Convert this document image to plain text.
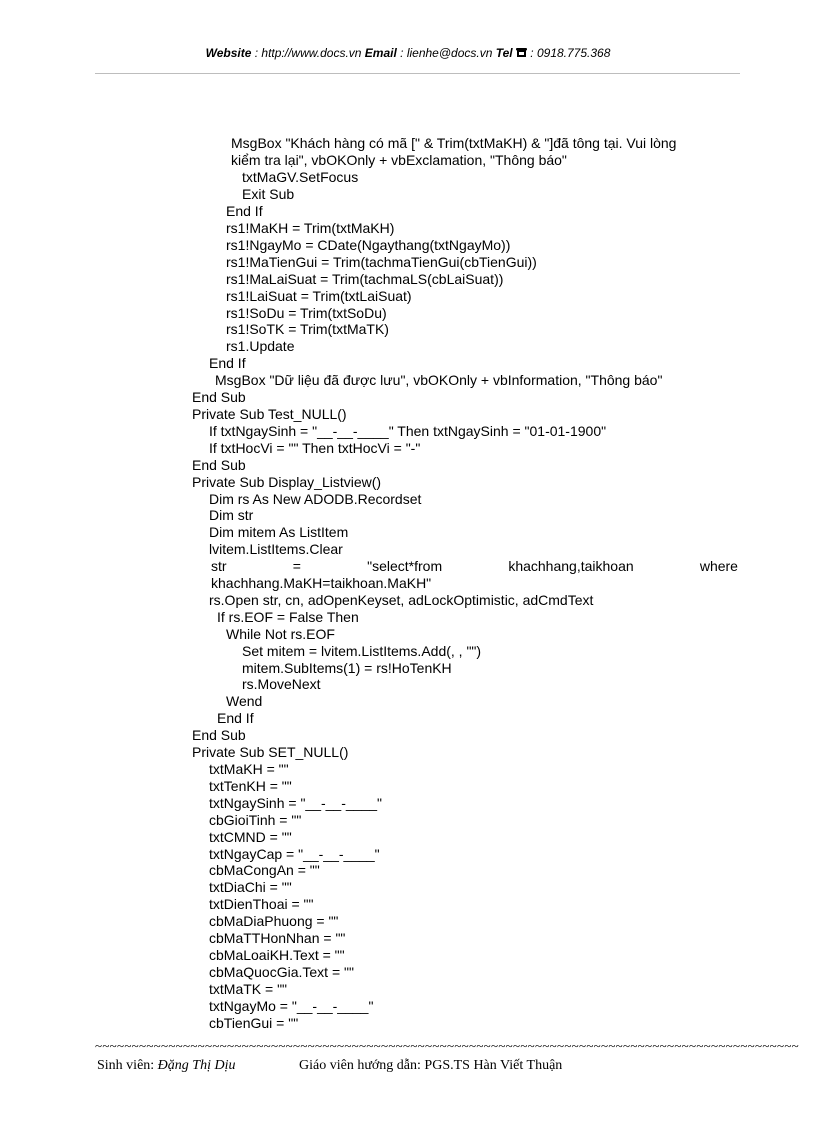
Website : http://www.docs.vn Email : lienhe@docs.vn Tel  : 0918.775.368
MsgBox "Khách hàng có mã [" & Trim(txtMaKH) & "]đã tông tại. Vui lòng
kiểm tra lại", vbOKOnly + vbExclamation, "Thông báo"
txtMaGV.SetFocus
Exit Sub
End If
rs1!MaKH = Trim(txtMaKH)
rs1!NgayMo = CDate(Ngaythang(txtNgayMo))
rs1!MaTienGui = Trim(tachmaTienGui(cbTienGui))
rs1!MaLaiSuat = Trim(tachmaLS(cbLaiSuat))
rs1!LaiSuat = Trim(txtLaiSuat)
rs1!SoDu = Trim(txtSoDu)
rs1!SoTK = Trim(txtMaTK)
rs1.Update
End If
MsgBox "Dữ liệu đã được lưu", vbOKOnly + vbInformation, "Thông báo"
End Sub
Private Sub Test_NULL()
If txtNgaySinh = "__-__-____" Then txtNgaySinh = "01-01-1900"
If txtHocVi = "" Then txtHocVi = "-"
End Sub
Private Sub Display_Listview()
Dim rs As New ADODB.Recordset
Dim str
Dim mitem As ListItem
lvitem.ListItems.Clear
str	=	"select*from	khachhang,taikhoan	where
khachhang.MaKH=taikhoan.MaKH"
rs.Open str, cn, adOpenKeyset, adLockOptimistic, adCmdText
If rs.EOF = False Then
While Not rs.EOF
Set mitem = lvitem.ListItems.Add(, , "")
mitem.SubItems(1) = rs!HoTenKH
rs.MoveNext
Wend
End If
End Sub
Private Sub SET_NULL()
txtMaKH = ""
txtTenKH = ""
txtNgaySinh = "__-__-____"
cbGioiTinh = ""
txtCMND = ""
txtNgayCap = "__-__-____"
cbMaCongAn = ""
txtDiaChi = ""
txtDienThoai = ""
cbMaDiaPhuong = ""
cbMaTTHonNhan = ""
cbMaLoaiKH.Text = ""
cbMaQuocGia.Text = ""
txtMaTK = ""
txtNgayMo = "__-__-____"
cbTienGui = ""
~~~~~~~~~~~~~~~~~~~~~~~~~~~~~~~~~~~~~~~~~~~~~~~~~~~~~~~~~~~~~~~~~~~~~~~~~~~~~~~~~~~~~~~~~~~~~~~~
Sinh viên: Đặng Thị Dịu	Giáo viên hướng dẫn: PGS.TS Hàn Viết Thuận
